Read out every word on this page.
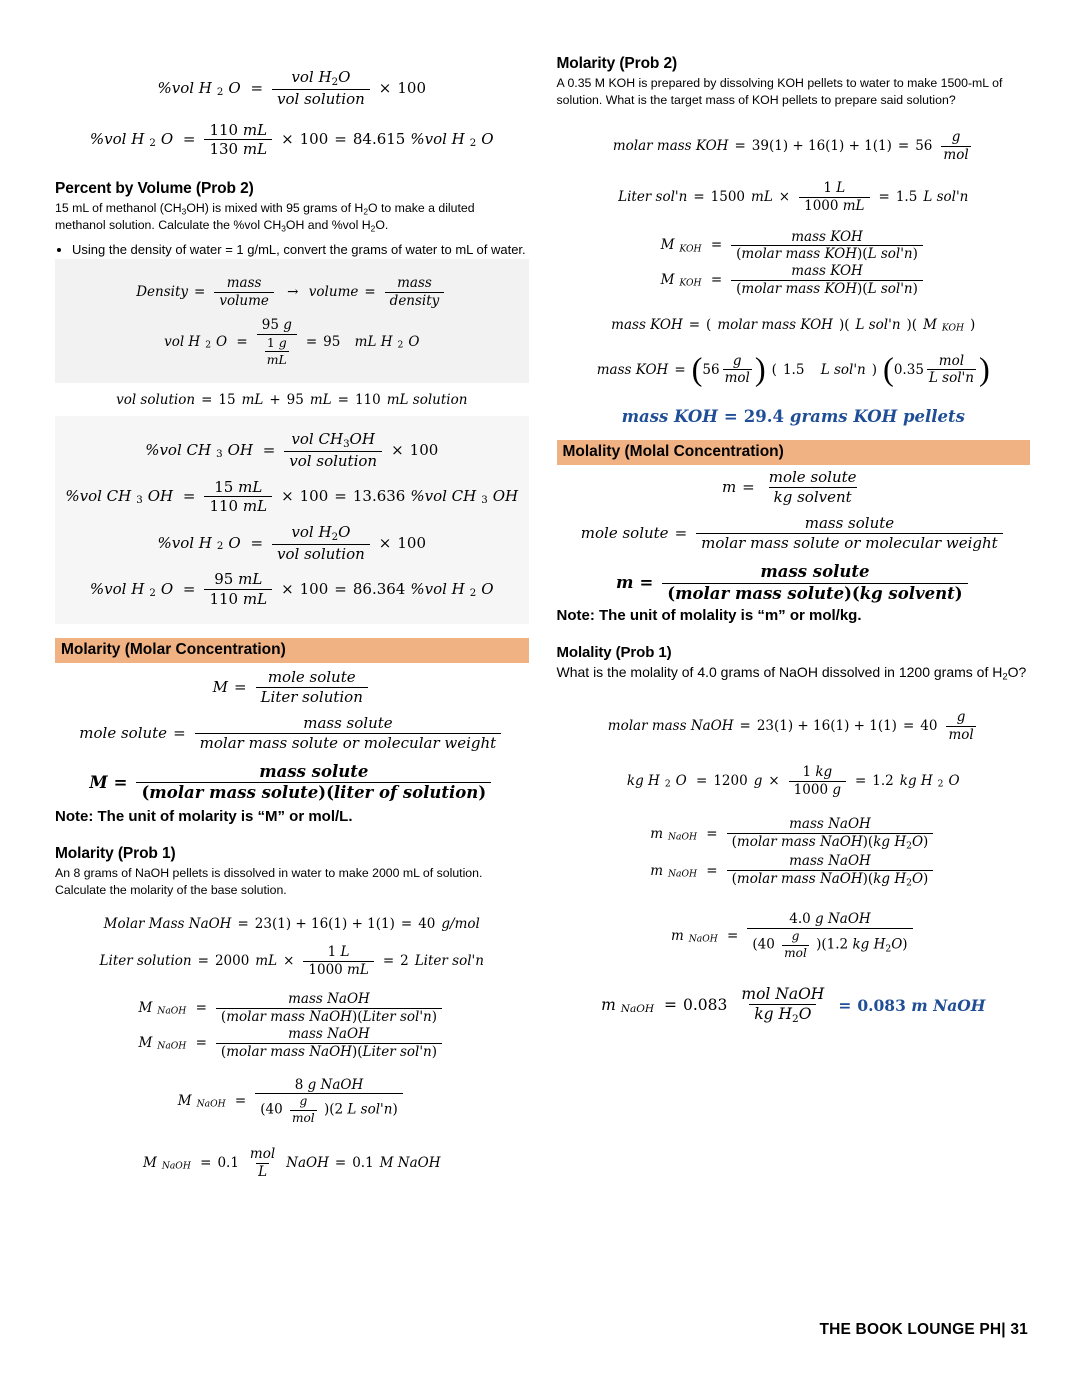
%vol H $_2$ $O = \frac{vol H_2O}{\text{vol solution}} \times 100$
%vol H $_2$ $O = \frac{110 mL}{130 mL} \times 100 = 84.615$ %vol H $_2$ O
Percent by Volume (Prob 2)
15 mL of methanol $(CH_3OH)$ is mixed with 95 grams of $H_2O$ to make a diluted methanol solution. Calculate the %vol $CH_3OH$ and %vol $H_2O$.
• Using the density of water = 1 g/mL, convert the grams of water to mL of water.
Density = $\frac{\text{mass}}{\text{volume}}$ → volume = $\frac{\text{mass}}{\text{density}}$
vol H $_2$ $O = \frac{95 g}{\frac{1 g}{mL}} = 95$
mL H $_2$ O
vol solution = 15 mL + 95 mL = 110 mL solution
%vol CH $_3$ OH = $\frac{vol CH_3OH}{\text{vol solution}} \times 100$
%vol CH $_3$ OH = $\frac{15 mL}{110 mL} \times 100 = 13.636$ %vol CH $_3$ OH
%vol H $_2$ $O = \frac{vol H_2O}{\text{vol solution}} \times 100$
%vol H $_2$ $O = \frac{95 mL}{110 mL} \times 100 = 86.364$ %vol H $_2$ O
Molarity (Molar Concentration)
$M = \frac{\text{mole solute}}{\text{Liter solution}}$
mole solute = $\frac{\text{mass solute}}{\text{molar mass solute or molecular weight}}$
$M = \frac{\text{mass solute}}{\text{(molar mass solute)(liter of solution)}}$
Note: The unit of molarity is “M” or mol/L.
Molarity (Prob 1)
An 8 grams of NaOH pellets is dissolved in water to make 2000 mL of solution. Calculate the molarity of the base solution.
Molar Mass NaOH = 23(1) + 16(1) + 1(1) = 40 g/mol
Liter solution = 2000 mL × $\frac{1 L}{1000 mL} = 2$ Liter sol'n
M $_{NaOH} = \frac{\text{mass NaOH}}{\text{(molar mass NaOH)(Liter sol'n)}}$
M $_{NaOH} = \frac{\text{mass NaOH}}{\text{(molar mass NaOH)(Liter sol'n)}}$
M $_{NaOH} = \frac{\text{8 g NaOH}}{(40 \frac{g}{\text{mol}} )(2 L sol'n)}$
M $_{NaOH} = 0.1 \frac{\text{mol}}{L}$ NaOH = 0.1 M NaOH
Molarity (Prob 2)
A 0.35 M KOH is prepared by dissolving KOH pellets to water to make 1500-mL of solution. What is the target mass of KOH pellets to prepare said solution?
molar mass KOH = $39(1) + 16(1) + 1(1) = 56 \frac{g}{\text{mol}}$
Liter sol'n = 1500 mL × $\frac{1 L}{1000 mL} = 1.5$ L sol'n
M $_{KOH} = \frac{\text{mass KOH}}{\text{(molar mass KOH)(L sol'n)}}$
M $_{KOH} = \frac{\text{mass KOH}}{\text{(molar mass KOH)(L sol'n)}}$
mass KOH = ( molar mass KOH )( L sol'n )( M $_{KOH}$ )
mass KOH = ( $56 \frac{g}{\text{mol}}$ ) ( 1.5
L sol'n ) ( $0.35 \frac{\text{mol}}{\text{L sol'n}}$ )
mass KOH = 29.4 grams KOH pellets
Molality (Molal Concentration)
$m = \frac{\text{mole solute}}{\text{kg solvent}}$
mole solute = $\frac{\text{mass solute}}{\text{molar mass solute or molecular weight}}$
$m = \frac{\text{mass solute}}{\text{(molar mass solute)(kg solvent)}}$
Note: The unit of molality is “m” or mol/kg.
Molality (Prob 1)
What is the molality of 4.0 grams of NaOH dissolved in 1200 grams of $H_2O$?
molar mass NaOH = $23(1) + 16(1) + 1(1) = 40 \frac{g}{\text{mol}}$
kg H $_2$ O = 1200 $g \times \frac{1 kg}{1000 g} = 1.2$ kg H $_2$ O
m $_{NaOH} = \frac{\text{mass NaOH}}{(molar mass NaOH)(kg H_2O)}$
m $_{NaOH} = \frac{\text{mass NaOH}}{(molar mass NaOH)(kg H_2O)}$
m $_{NaOH} = \frac{\text{4.0 g NaOH}}{(40 \frac{g}{\text{mol}} )(1.2 kg H_2O)}$
m $_{NaOH} = 0.083 \frac{\text{mol NaOH}}{kg H_2O} = 0.083$ m NaOH
THE BOOK LOUNGE PH| 31
